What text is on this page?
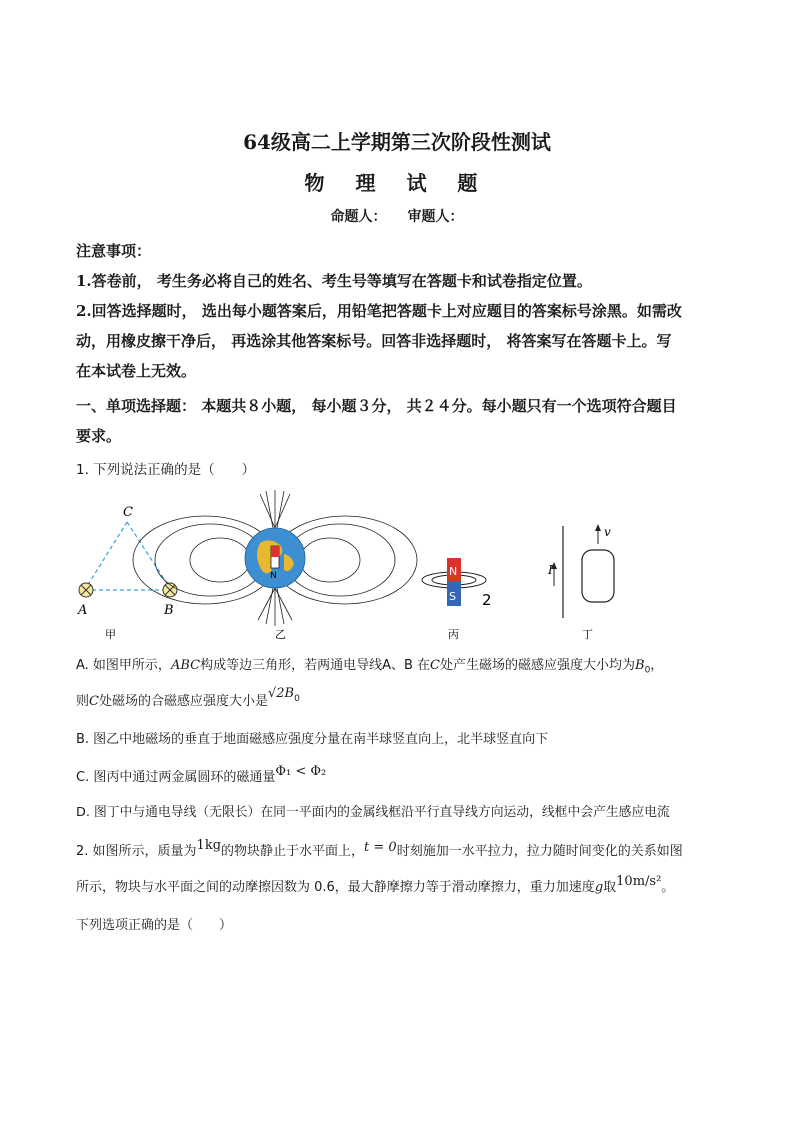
64级高二上学期第三次阶段性测试
物 理 试 题
命题人：　　审题人：
注意事项：
1.答卷前， 考生务必将自己的姓名、考生号等填写在答题卡和试卷指定位置。
2.回答选择题时， 选出每小题答案后，用铅笔把答题卡上对应题目的答案标号涂黑。如需改
动，用橡皮擦干净后， 再选涂其他答案标号。回答非选择题时， 将答案写在答题卡上。写
在本试卷上无效。
一、单项选择题： 本题共８小题， 每小题３分， 共２４分。每小题只有一个选项符合题目
要求。
1. 下列说法正确的是（　　）
C
A	B
甲
N
乙
N
S 2
丙
I
v
丁
A. 如图甲所示，ABC构成等边三角形，若两通电导线A、B 在C处产生磁场的磁感应强度大小均为$B_0$，
则C处磁场的合磁感应强度大小是$√2B_0$
B. 图乙中地磁场的垂直于地面磁感应强度分量在南半球竖直向上，北半球竖直向下
C. 图丙中通过两金属圆环的磁通量Φ₁ < Φ₂
D. 图丁中与通电导线（无限长）在同一平面内的金属线框沿平行直导线方向运动，线框中会产生感应电流
2. 如图所示，质量为1kg的物块静止于水平面上，t = 0时刻施加一水平拉力，拉力随时间变化的关系如图
所示，物块与水平面之间的动摩擦因数为 0.6，最大静摩擦力等于滑动摩擦力，重力加速度g取10m/s²。
下列选项正确的是（　　）
